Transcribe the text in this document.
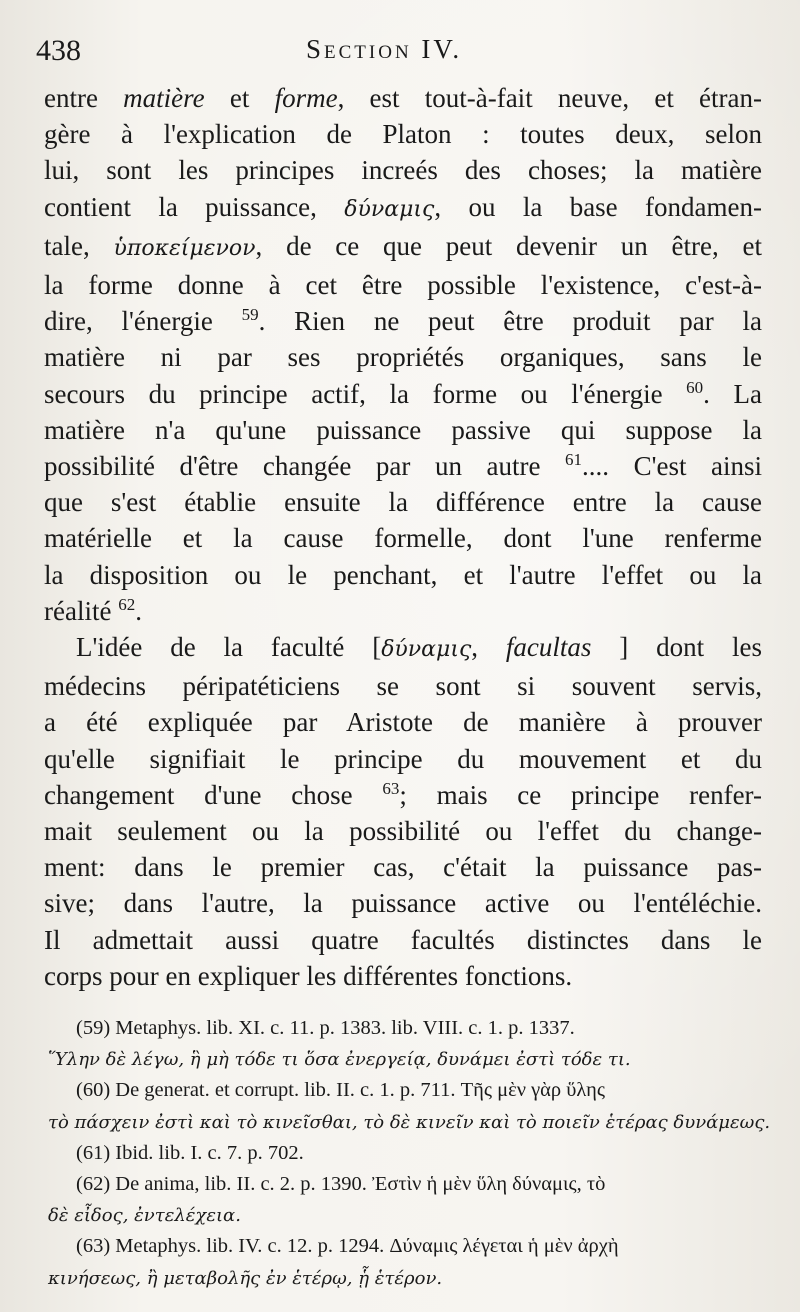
438	Section IV.
entre matière et forme, est tout-à-fait neuve, et étran-
gère à l'explication de Platon : toutes deux, selon
lui, sont les principes increés des choses; la matière
contient la puissance, δύναμις, ou la base fondamen-
tale, ὑποκείμενον, de ce que peut devenir un être, et
la forme donne à cet être possible l'existence, c'est-à-
dire, l'énergie $^{59}$. Rien ne peut être produit par la
matière ni par ses propriétés organiques, sans le
secours du principe actif, la forme ou l'énergie $^{60}$. La
matière n'a qu'une puissance passive qui suppose la
possibilité d'être changée par un autre $^{61}$.... C'est ainsi
que s'est établie ensuite la différence entre la cause
matérielle et la cause formelle, dont l'une renferme
la disposition ou le penchant, et l'autre l'effet ou la
réalité $^{62}$.
L'idée de la faculté [δύναμις, facultas ] dont les
médecins péripatéticiens se sont si souvent servis,
a été expliquée par Aristote de manière à prouver
qu'elle signifiait le principe du mouvement et du
changement d'une chose $^{63}$; mais ce principe renfer-
mait seulement ou la possibilité ou l'effet du change-
ment: dans le premier cas, c'était la puissance pas-
sive; dans l'autre, la puissance active ou l'entéléchie.
Il admettait aussi quatre facultés distinctes dans le
corps pour en expliquer les différentes fonctions.
(59) Metaphys. lib. XI. c. 11. p. 1383. lib. VIII. c. 1. p. 1337.
Ὕλην δὲ λέγω, ἣ μὴ τόδε τι ὅσα ἐνεργείᾳ, δυνάμει ἐστὶ τόδε τι.
(60) De generat. et corrupt. lib. II. c. 1. p. 711. Τῆς μὲν γὰρ ὕλης
τὸ πάσχειν ἐστὶ καὶ τὸ κινεῖσθαι, τὸ δὲ κινεῖν καὶ τὸ ποιεῖν ἑτέρας δυνάμεως.
(61) Ibid. lib. I. c. 7. p. 702.
(62) De anima, lib. II. c. 2. p. 1390. Ἐστὶν ἡ μὲν ὕλη δύναμις, τὸ
δὲ εἶδος, ἐντελέχεια.
(63) Metaphys. lib. IV. c. 12. p. 1294. Δύναμις λέγεται ἡ μὲν ἀρχὴ
κινήσεως, ἢ μεταβολῆς ἐν ἑτέρῳ, ᾗ ἑτέρον.
